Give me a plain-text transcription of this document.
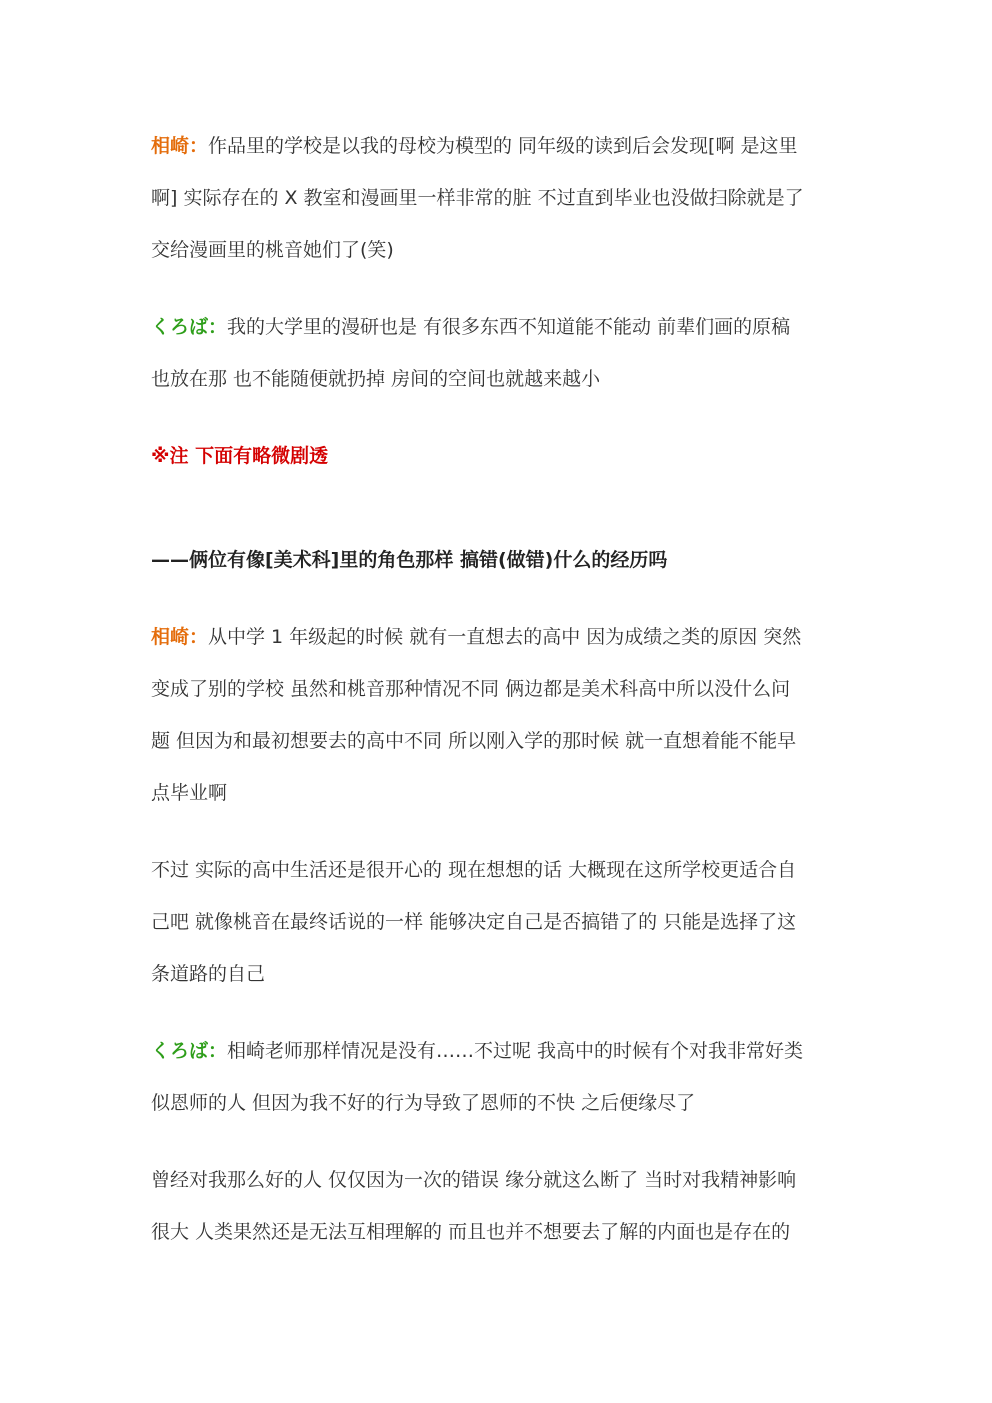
相崎：作品里的学校是以我的母校为模型的 同年级的读到后会发现[啊 是这里
啊] 实际存在的 X 教室和漫画里一样非常的脏 不过直到毕业也没做扫除就是了
交给漫画里的桃音她们了(笑)
くろば：我的大学里的漫研也是 有很多东西不知道能不能动 前辈们画的原稿
也放在那 也不能随便就扔掉 房间的空间也就越来越小
※注 下面有略微剧透
——俩位有像[美术科]里的角色那样 搞错(做错)什么的经历吗
相崎：从中学 1 年级起的时候 就有一直想去的高中 因为成绩之类的原因 突然
变成了别的学校 虽然和桃音那种情况不同 俩边都是美术科高中所以没什么问
题 但因为和最初想要去的高中不同 所以刚入学的那时候 就一直想着能不能早
点毕业啊
不过 实际的高中生活还是很开心的 现在想想的话 大概现在这所学校更适合自
己吧 就像桃音在最终话说的一样 能够决定自己是否搞错了的 只能是选择了这
条道路的自己
くろば：相崎老师那样情况是没有……不过呢 我高中的时候有个对我非常好类
似恩师的人 但因为我不好的行为导致了恩师的不快 之后便缘尽了
曾经对我那么好的人 仅仅因为一次的错误 缘分就这么断了 当时对我精神影响
很大 人类果然还是无法互相理解的 而且也并不想要去了解的内面也是存在的
